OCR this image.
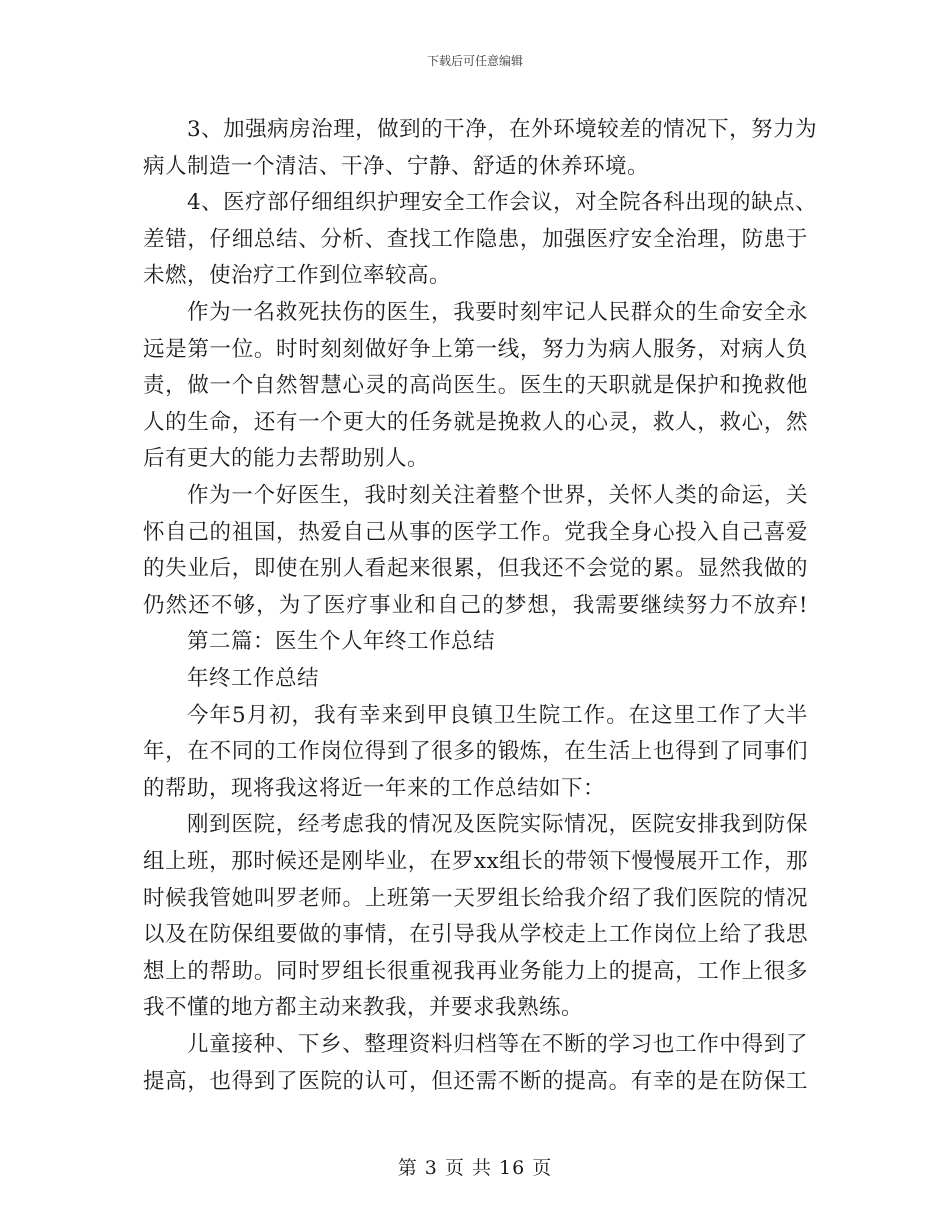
下载后可任意编辑
3、加强病房治理，做到的干净，在外环境较差的情况下，努力为
病人制造一个清洁、干净、宁静、舒适的休养环境。
4、医疗部仔细组织护理安全工作会议，对全院各科出现的缺点、
差错，仔细总结、分析、查找工作隐患，加强医疗安全治理，防患于
未燃，使治疗工作到位率较高。
作为一名救死扶伤的医生，我要时刻牢记人民群众的生命安全永
远是第一位。时时刻刻做好争上第一线，努力为病人服务，对病人负
责，做一个自然智慧心灵的高尚医生。医生的天职就是保护和挽救他
人的生命，还有一个更大的任务就是挽救人的心灵，救人，救心，然
后有更大的能力去帮助别人。
作为一个好医生，我时刻关注着整个世界，关怀人类的命运，关
怀自己的祖国，热爱自己从事的医学工作。党我全身心投入自己喜爱
的失业后，即使在别人看起来很累，但我还不会觉的累。显然我做的
仍然还不够，为了医疗事业和自己的梦想，我需要继续努力不放弃!
第二篇：医生个人年终工作总结
年终工作总结
今年5月初，我有幸来到甲良镇卫生院工作。在这里工作了大半
年，在不同的工作岗位得到了很多的锻炼，在生活上也得到了同事们
的帮助，现将我这将近一年来的工作总结如下：
刚到医院，经考虑我的情况及医院实际情况，医院安排我到防保
组上班，那时候还是刚毕业，在罗xx组长的带领下慢慢展开工作，那
时候我管她叫罗老师。上班第一天罗组长给我介绍了我们医院的情况
以及在防保组要做的事情，在引导我从学校走上工作岗位上给了我思
想上的帮助。同时罗组长很重视我再业务能力上的提高，工作上很多
我不懂的地方都主动来教我，并要求我熟练。
儿童接种、下乡、整理资料归档等在不断的学习也工作中得到了
提高，也得到了医院的认可，但还需不断的提高。有幸的是在防保工
第 3 页 共 16 页
